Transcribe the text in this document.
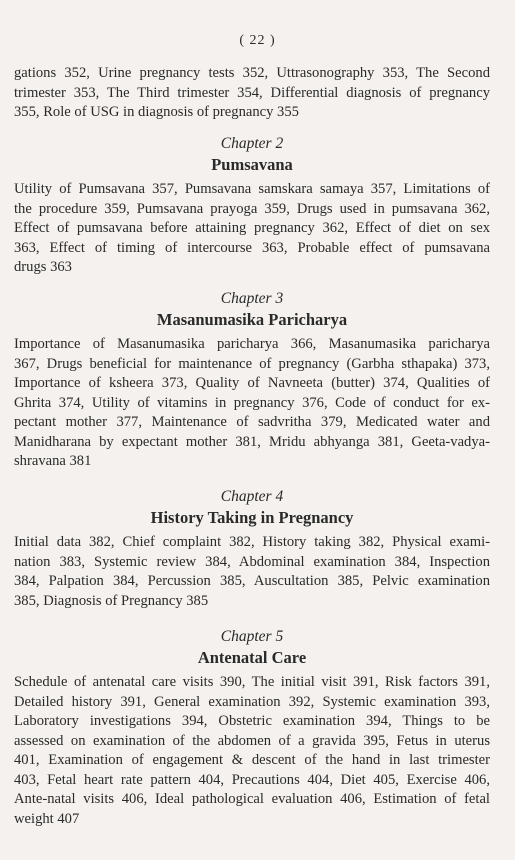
( 22 )
gations 352, Urine pregnancy tests 352, Uttrasonography 353, The Second
trimester 353, The Third trimester 354, Differential diagnosis of pregnancy
355, Role of USG in diagnosis of pregnancy 355
Chapter 2
Pumsavana
Utility of Pumsavana 357, Pumsavana samskara samaya 357, Limitations of
the procedure 359, Pumsavana prayoga 359, Drugs used in pumsavana 362,
Effect of pumsavana before attaining pregnancy 362, Effect of diet on sex
363, Effect of timing of intercourse 363, Probable effect of pumsavana
drugs 363
Chapter 3
Masanumasika Paricharya
Importance of Masanumasika paricharya 366, Masanumasika paricharya
367, Drugs beneficial for maintenance of pregnancy (Garbha sthapaka) 373,
Importance of ksheera 373, Quality of Navneeta (butter) 374, Qualities of
Ghrita 374, Utility of vitamins in pregnancy 376, Code of conduct for ex-
pectant mother 377, Maintenance of sadvritha 379, Medicated water and
Manidharana by expectant mother 381, Mridu abhyanga 381, Geeta-vadya-
shravana 381
Chapter 4
History Taking in Pregnancy
Initial data 382, Chief complaint 382, History taking 382, Physical exami-
nation 383, Systemic review 384, Abdominal examination 384, Inspection
384, Palpation 384, Percussion 385, Auscultation 385, Pelvic examination
385, Diagnosis of Pregnancy 385
Chapter 5
Antenatal Care
Schedule of antenatal care visits 390, The initial visit 391, Risk factors 391,
Detailed history 391, General examination 392, Systemic examination 393,
Laboratory investigations 394, Obstetric examination 394, Things to be
assessed on examination of the abdomen of a gravida 395, Fetus in uterus
401, Examination of engagement & descent of the hand in last trimester
403, Fetal heart rate pattern 404, Precautions 404, Diet 405, Exercise 406,
Ante-natal visits 406, Ideal pathological evaluation 406, Estimation of fetal
weight 407
